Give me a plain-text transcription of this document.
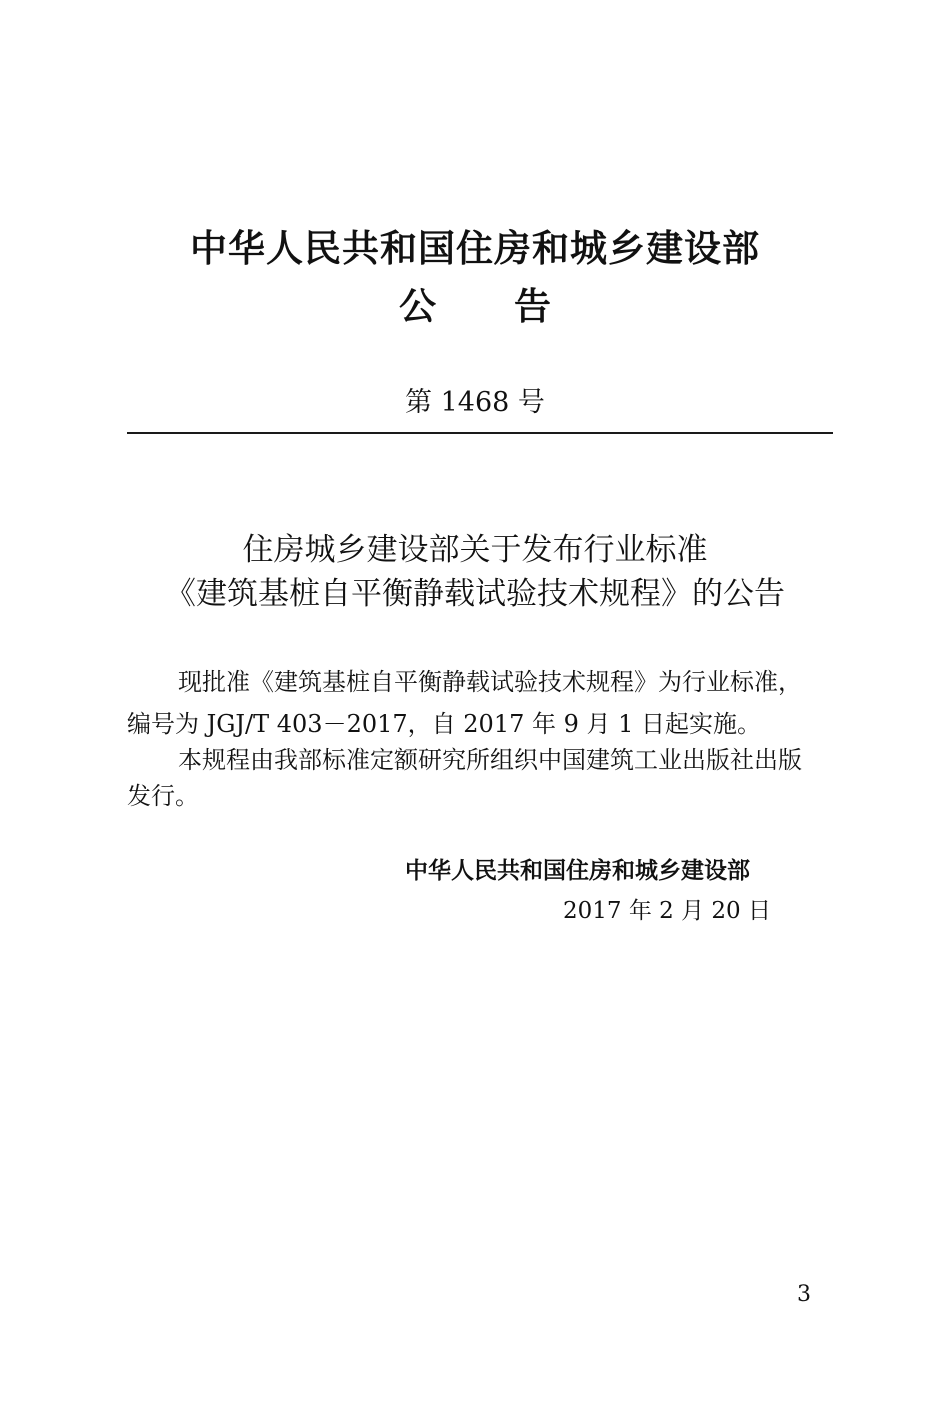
中华人民共和国住房和城乡建设部
公告
第 1468 号
住房城乡建设部关于发布行业标准
《建筑基桩自平衡静载试验技术规程》的公告
现批准《建筑基桩自平衡静载试验技术规程》为行业标准，
编号为 JGJ/T 403－2017，自 2017 年 9 月 1 日起实施。
本规程由我部标准定额研究所组织中国建筑工业出版社出版
发行。
中华人民共和国住房和城乡建设部
2017 年 2 月 20 日
3
